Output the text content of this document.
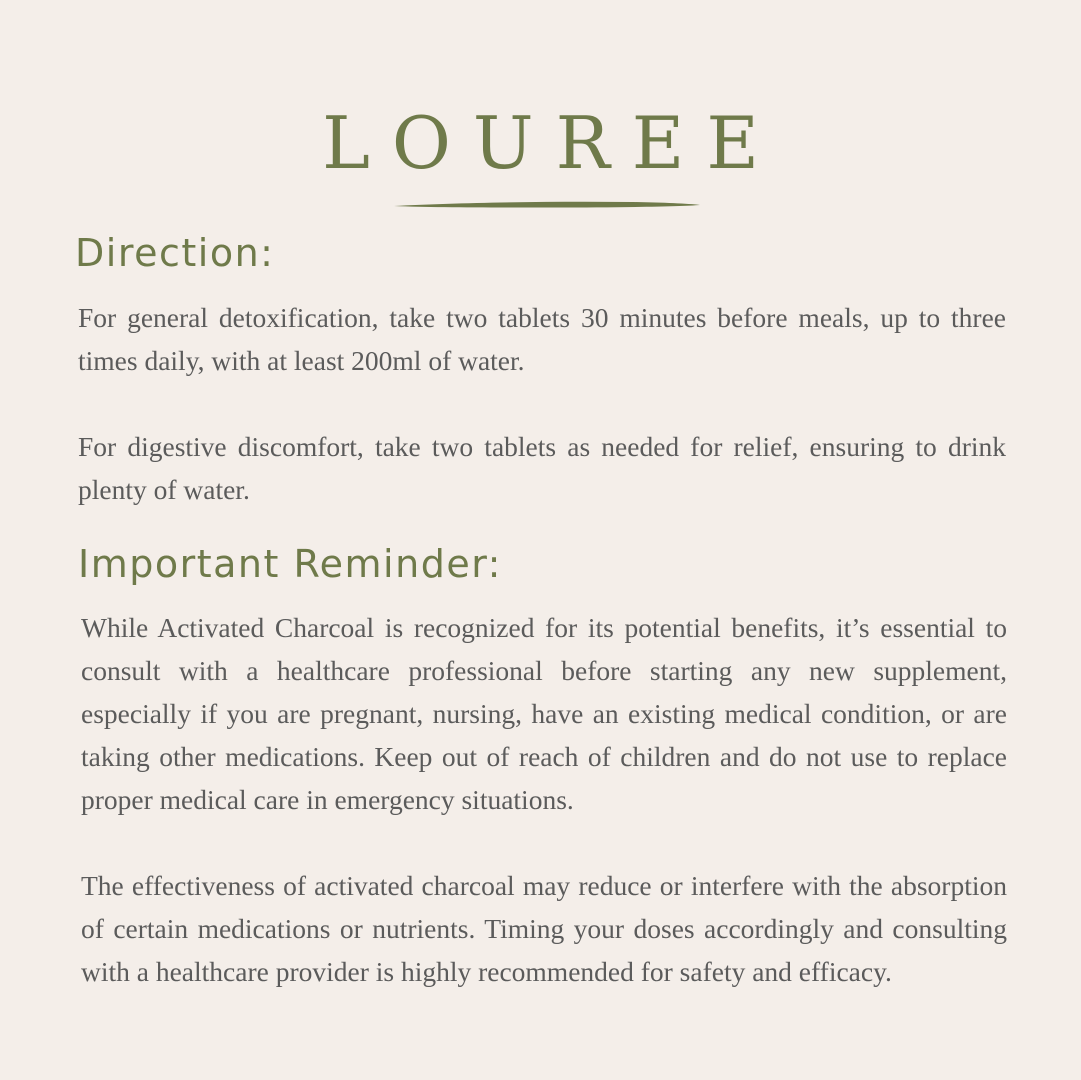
LOUREE
Direction:

For general detoxification, take two tablets 30 minutes before meals, up to three times daily, with at least 200ml of water.

For digestive discomfort, take two tablets as needed for relief, ensuring to drink plenty of water.

Important Reminder:

While Activated Charcoal is recognized for its potential benefits, it’s essential to consult with a healthcare professional before starting any new supplement, especially if you are pregnant, nursing, have an existing medical condition, or are taking other medications. Keep out of reach of children and do not use to replace proper medical care in emergency situations.

The effectiveness of activated charcoal may reduce or interfere with the absorption of certain medications or nutrients. Timing your doses accordingly and consulting with a healthcare provider is highly recommended for safety and efficacy.
